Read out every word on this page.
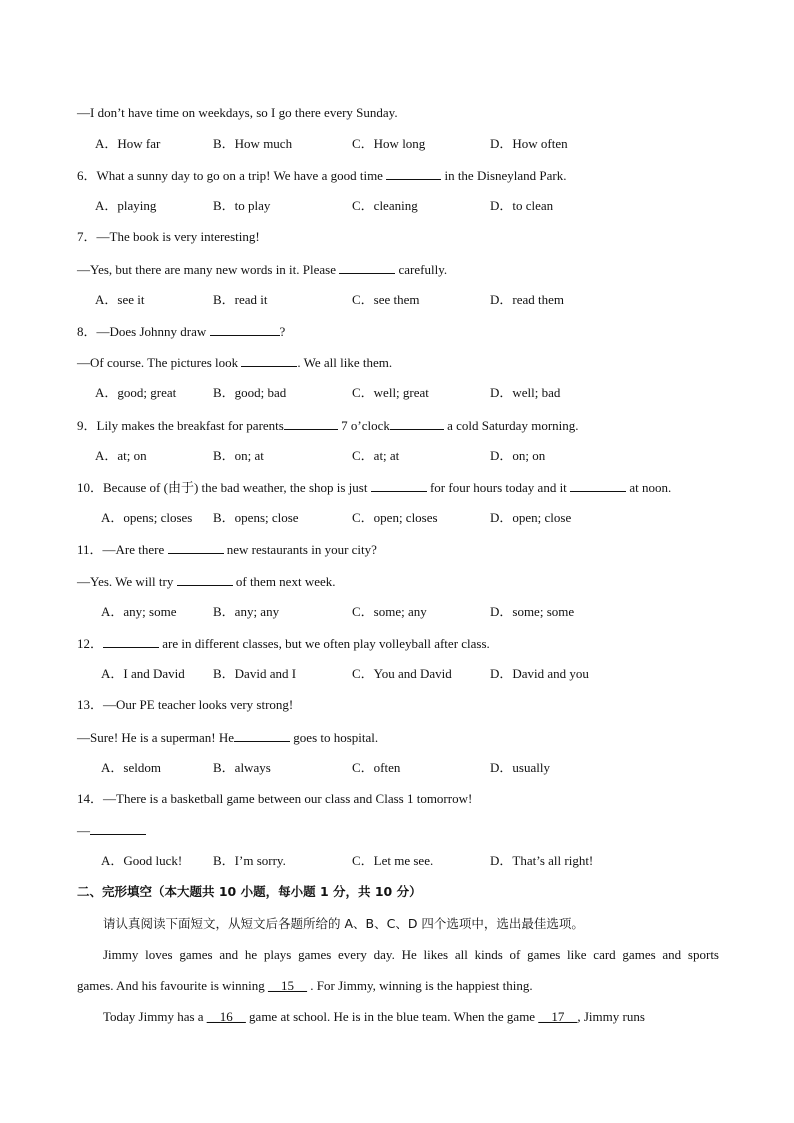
—I don’t have time on weekdays, so I go there every Sunday.
A．How far	B．How much	C．How long	D．How often
6．What a sunny day to go on a trip! We have a good time	in the Disneyland Park.
A．playing	B．to play	C．cleaning	D．to clean
7．—The book is very interesting!
—Yes, but there are many new words in it. Please	carefully.
A．see it	B．read it	C．see them	D．read them
8．—Does Johnny draw	?
—Of course. The pictures look	. We all like them.
A．good; great	B．good; bad	C．well; great	D．well; bad
9．Lily makes the breakfast for parents	7 o’clock	a cold Saturday morning.
A．at; on	B．on; at	C．at; at	D．on; on
10．Because of (由于) the bad weather, the shop is just	for four hours today and it	at noon.
A．opens; closes B．opens; close	C．open; closes	D．open; close
11．—Are there	new restaurants in your city?
—Yes. We will try	of them next week.
A．any; some	B．any; any	C．some; any	D．some; some
12．	are in different classes, but we often play volleyball after class.
A．I and David B．David and I	C．You and David	D．David and you
13．—Our PE teacher looks very strong!
—Sure! He is a superman! He	goes to hospital.
A．seldom	B．always	C．often	D．usually
14．—There is a basketball game between our class and Class 1 tomorrow!
—
A．Good luck! B．I’m sorry.	C．Let me see.	D．That’s all right!
二、完形填空（本大题共 10 小题，每小题 1 分，共 10 分）
请认真阅读下面短文，从短文后各题所给的 A、B、C、D 四个选项中，选出最佳选项。
Jimmy loves games and he plays games every day. He likes all kinds of games like card games and sports
games. And his favourite is winning __15__ . For Jimmy, winning is the happiest thing.
Today Jimmy has a __16__ game at school. He is in the blue team. When the game __17__, Jimmy runs
